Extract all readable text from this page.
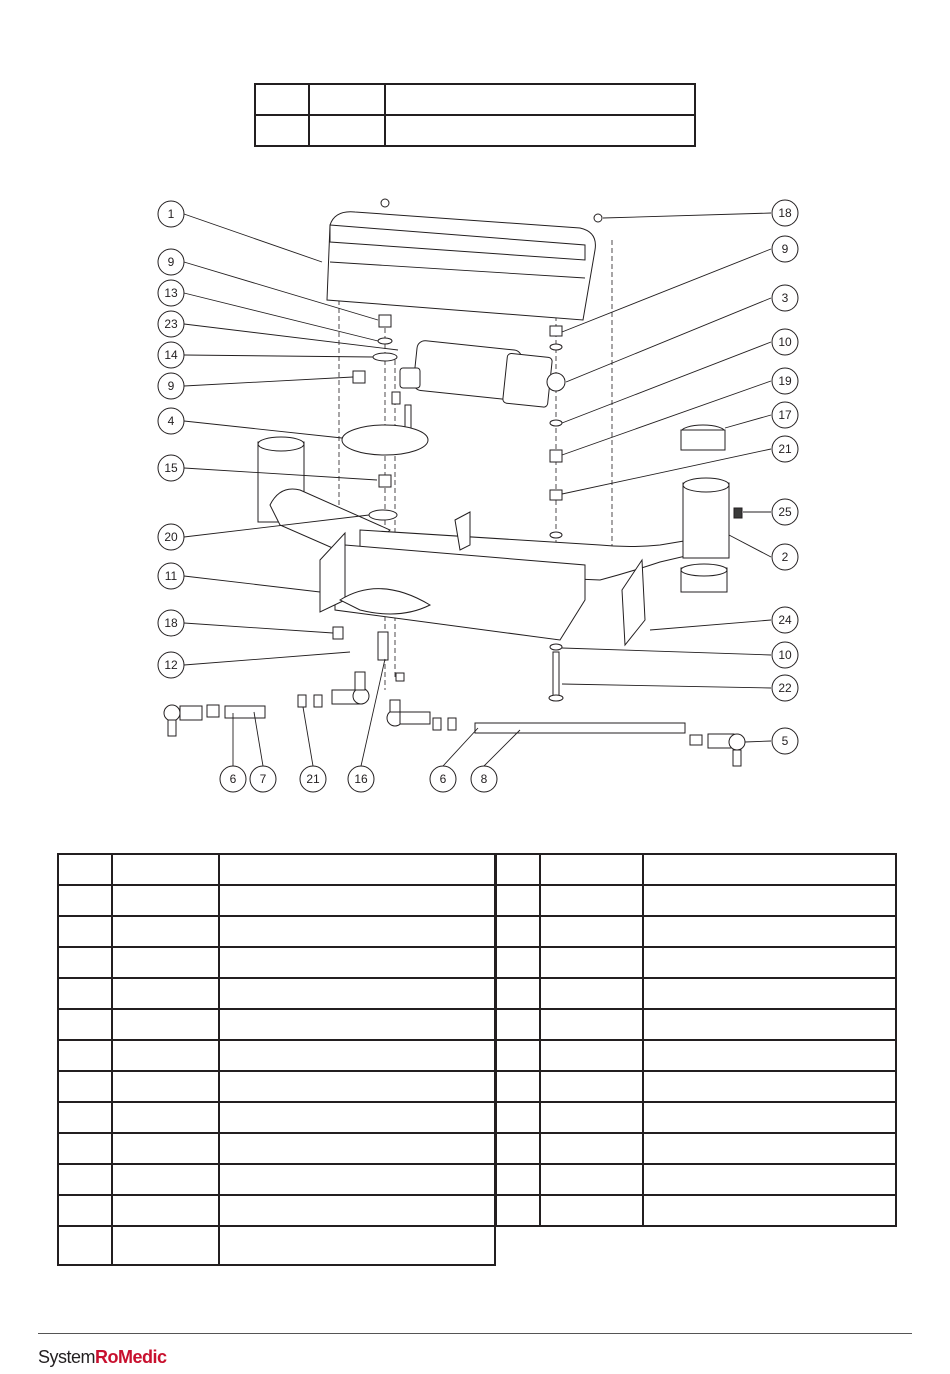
1
9
13
23
14
9
4
15
20
11
18
12
18
9
3
10
19
17
21
25
2
24
10
22
5
6 7	21	16	6	8

SystemRoMedic
